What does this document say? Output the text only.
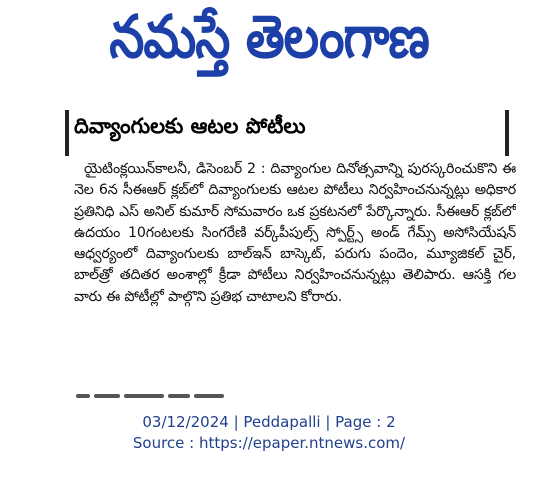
నమస్తే తెలంగాణ
దివ్యాంగులకు ఆటల పోటీలు
యైటింక్లయిన్‌కాలనీ, డిసెంబర్ 2 : దివ్యాంగుల దినోత్సవాన్ని పురస్కరించుకొని ఈ నెల 6న సీఈఆర్ క్లబ్‌లో దివ్యాంగులకు ఆటల పోటీలు నిర్వహించనున్నట్లు అధికార ప్రతినిధి ఎస్ అనిల్ కుమార్ సోమవారం ఒక ప్రకటనలో పేర్కొన్నారు. సీఈఆర్ క్లబ్‌లో ఉదయం 10గంటలకు సింగరేణి వర్క్‌పీపుల్స్ స్పోర్ట్స్ అండ్ గేమ్స్ అసోసియేషన్ ఆధ్వర్యంలో దివ్యాంగులకు బాల్‌ఇన్ బాస్కెట్, పరుగు పందెం, మ్యూజికల్ చైర్, బాల్‌త్రో తదితర అంశాల్లో క్రీడా పోటీలు నిర్వహించనున్నట్లు తెలిపారు. ఆసక్తి గల వారు ఈ పోటీల్లో పాల్గొని ప్రతిభ చాటాలని కోరారు.
03/12/2024 | Peddapalli | Page : 2
Source : https://epaper.ntnews.com/
